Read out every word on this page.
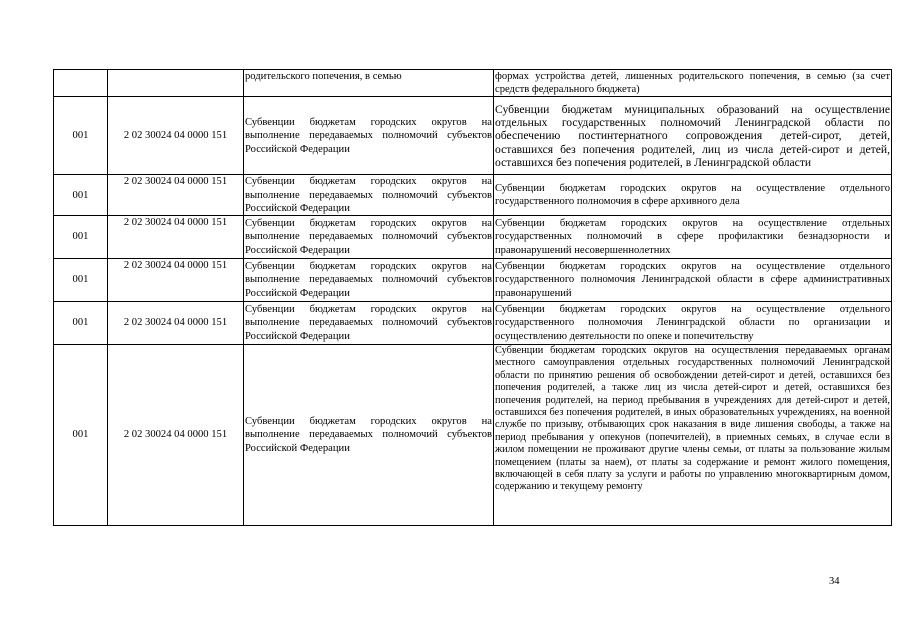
		родительского попечения, в семью	формах устройства детей, лишенных родительского попечения, в семью (за счет средств федерального бюджета)
001	2 02 30024 04 0000 151	Субвенции бюджетам городских округов на выполнение передаваемых полномочий субъектов Российской Федерации	Субвенции бюджетам муниципальных образований на осуществление отдельных государственных полномочий Ленинградской области по обеспечению постинтернатного сопровождения детей-сирот, детей, оставшихся без попечения родителей, лиц из числа детей-сирот и детей, оставшихся без попечения родителей, в Ленинградской области
001	2 02 30024 04 0000 151	Субвенции бюджетам городских округов на выполнение передаваемых полномочий субъектов Российской Федерации	Субвенции бюджетам городских округов на осуществление отдельного государственного полномочия в сфере архивного дела
001	2 02 30024 04 0000 151	Субвенции бюджетам городских округов на выполнение передаваемых полномочий субъектов Российской Федерации	Субвенции бюджетам городских округов на осуществление отдельных государственных полномочий в сфере профилактики безнадзорности и правонарушений несовершеннолетних
001	2 02 30024 04 0000 151	Субвенции бюджетам городских округов на выполнение передаваемых полномочий субъектов Российской Федерации	Субвенции бюджетам городских округов на осуществление отдельного государственного полномочия Ленинградской области в сфере административных правонарушений
001	2 02 30024 04 0000 151	Субвенции бюджетам городских округов на выполнение передаваемых полномочий субъектов Российской Федерации	Субвенции бюджетам городских округов на осуществление отдельного государственного полномочия Ленинградской области по организации и осуществлению деятельности по опеке и попечительству
001	2 02 30024 04 0000 151	Субвенции бюджетам городских округов на выполнение передаваемых полномочий субъектов Российской Федерации	Субвенции бюджетам городских округов на осуществления передаваемых органам местного самоуправления отдельных государственных полномочий Ленинградской области по принятию решения об освобождении детей-сирот и детей, оставшихся без попечения родителей, а также лиц из числа детей-сирот и детей, оставшихся без попечения родителей, на период пребывания в учреждениях для детей-сирот и детей, оставшихся без попечения родителей, в иных образовательных учреждениях, на военной службе по призыву, отбывающих срок наказания в виде лишения свободы, а также на период пребывания у опекунов (попечителей), в приемных семьях, в случае если в жилом помещении не проживают другие члены семьи, от платы за пользование жилым помещением (платы за наем), от платы за содержание и ремонт жилого помещения, включающей в себя плату за услуги и работы по управлению многоквартирным домом, содержанию и текущему ремонту
34
